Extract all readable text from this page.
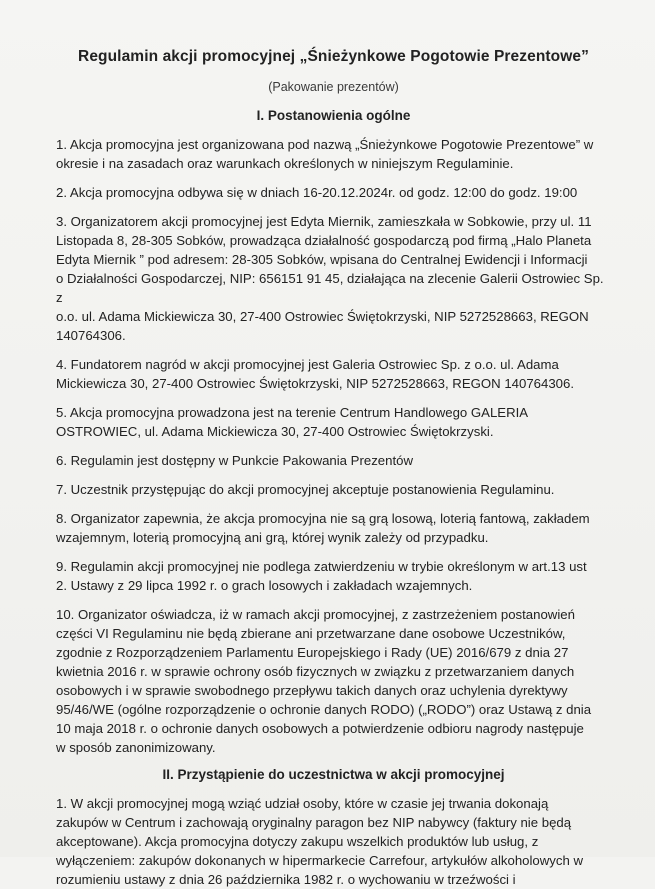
Regulamin akcji promocyjnej „Śnieżynkowe Pogotowie Prezentowe”
(Pakowanie prezentów)
I. Postanowienia ogólne
1. Akcja promocyjna jest organizowana pod nazwą „Śnieżynkowe Pogotowie Prezentowe” w
okresie i na zasadach oraz warunkach określonych w niniejszym Regulaminie.
2. Akcja promocyjna odbywa się w dniach 16-20.12.2024r. od godz. 12:00 do godz. 19:00
3. Organizatorem akcji promocyjnej jest Edyta Miernik, zamieszkała w Sobkowie, przy ul. 11
Listopada 8, 28-305 Sobków, prowadząca działalność gospodarczą pod firmą „Halo Planeta
Edyta Miernik ” pod adresem: 28-305 Sobków, wpisana do Centralnej Ewidencji i Informacji
o Działalności Gospodarczej, NIP: 656151 91 45, działająca na zlecenie Galerii Ostrowiec Sp. z
o.o. ul. Adama Mickiewicza 30, 27-400 Ostrowiec Świętokrzyski, NIP 5272528663, REGON
140764306.
4. Fundatorem nagród w akcji promocyjnej jest Galeria Ostrowiec Sp. z o.o. ul. Adama
Mickiewicza 30, 27-400 Ostrowiec Świętokrzyski, NIP 5272528663, REGON 140764306.
5. Akcja promocyjna prowadzona jest na terenie Centrum Handlowego GALERIA
OSTROWIEC, ul. Adama Mickiewicza 30, 27-400 Ostrowiec Świętokrzyski.
6. Regulamin jest dostępny w Punkcie Pakowania Prezentów
7. Uczestnik przystępując do akcji promocyjnej akceptuje postanowienia Regulaminu.
8. Organizator zapewnia, że akcja promocyjna nie są grą losową, loterią fantową, zakładem
wzajemnym, loterią promocyjną ani grą, której wynik zależy od przypadku.
9. Regulamin akcji promocyjnej nie podlega zatwierdzeniu w trybie określonym w art.13 ust
2. Ustawy z 29 lipca 1992 r. o grach losowych i zakładach wzajemnych.
10. Organizator oświadcza, iż w ramach akcji promocyjnej, z zastrzeżeniem postanowień
części VI Regulaminu nie będą zbierane ani przetwarzane dane osobowe Uczestników,
zgodnie z Rozporządzeniem Parlamentu Europejskiego i Rady (UE) 2016/679 z dnia 27
kwietnia 2016 r. w sprawie ochrony osób fizycznych w związku z przetwarzaniem danych
osobowych i w sprawie swobodnego przepływu takich danych oraz uchylenia dyrektywy
95/46/WE (ogólne rozporządzenie o ochronie danych RODO) („RODO”) oraz Ustawą z dnia
10 maja 2018 r. o ochronie danych osobowych a potwierdzenie odbioru nagrody następuje
w sposób zanonimizowany.
II. Przystąpienie do uczestnictwa w akcji promocyjnej
1. W akcji promocyjnej mogą wziąć udział osoby, które w czasie jej trwania dokonają
zakupów w Centrum i zachowają oryginalny paragon bez NIP nabywcy (faktury nie będą
akceptowane). Akcja promocyjna dotyczy zakupu wszelkich produktów lub usług, z
wyłączeniem: zakupów dokonanych w hipermarkecie Carrefour, artykułów alkoholowych w
rozumieniu ustawy z dnia 26 października 1982 r. o wychowaniu w trzeźwości i
